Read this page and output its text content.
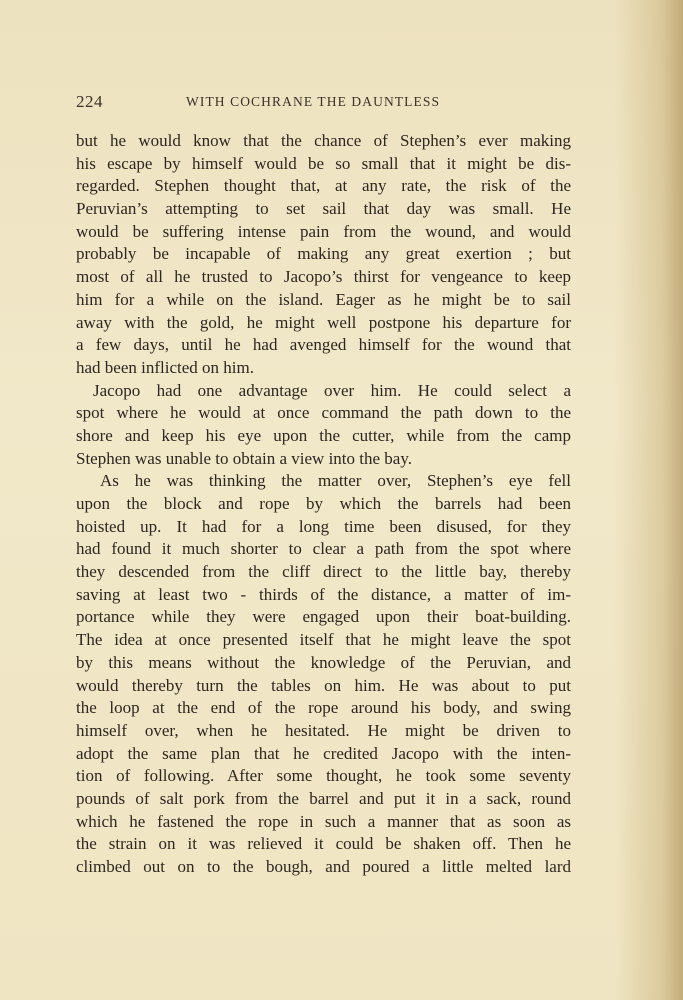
224	WITH COCHRANE THE DAUNTLESS
but he would know that the chance of Stephen’s ever making
his escape by himself would be so small that it might be dis-
regarded. Stephen thought that, at any rate, the risk of the
Peruvian’s attempting to set sail that day was small. He
would be suffering intense pain from the wound, and would
probably be incapable of making any great exertion ; but
most of all he trusted to Jacopo’s thirst for vengeance to keep
him for a while on the island. Eager as he might be to sail
away with the gold, he might well postpone his departure for
a few days, until he had avenged himself for the wound that
had been inflicted on him.
Jacopo had one advantage over him. He could select a
spot where he would at once command the path down to the
shore and keep his eye upon the cutter, while from the camp
Stephen was unable to obtain a view into the bay.
As he was thinking the matter over, Stephen’s eye fell
upon the block and rope by which the barrels had been
hoisted up. It had for a long time been disused, for they
had found it much shorter to clear a path from the spot where
they descended from the cliff direct to the little bay, thereby
saving at least two - thirds of the distance, a matter of im-
portance while they were engaged upon their boat-building.
The idea at once presented itself that he might leave the spot
by this means without the knowledge of the Peruvian, and
would thereby turn the tables on him. He was about to put
the loop at the end of the rope around his body, and swing
himself over, when he hesitated. He might be driven to
adopt the same plan that he credited Jacopo with the inten-
tion of following. After some thought, he took some seventy
pounds of salt pork from the barrel and put it in a sack, round
which he fastened the rope in such a manner that as soon as
the strain on it was relieved it could be shaken off. Then he
climbed out on to the bough, and poured a little melted lard
